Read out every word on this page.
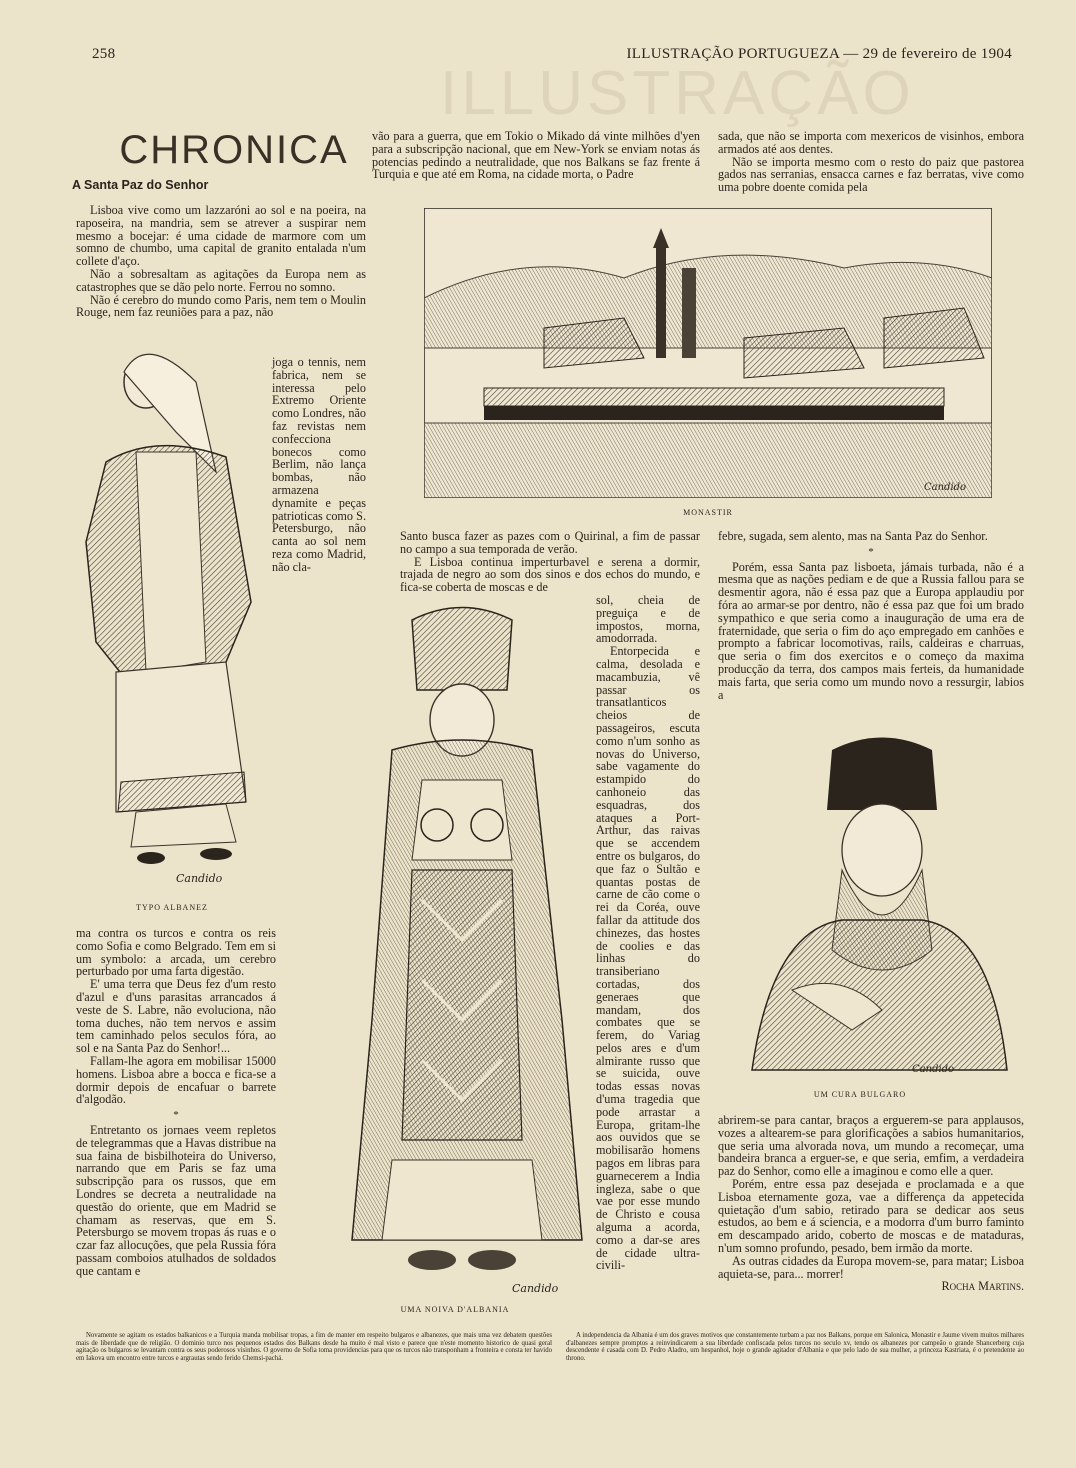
258	ILLUSTRAÇÃO PORTUGUEZA — 29 de fevereiro de 1904
ILLUSTRAÇÃO
CHRONICA
A Santa Paz do Senhor

Lisboa vive como um lazzaróni ao sol e na poeira, na raposeira, na mandria, sem se atrever a suspirar nem mesmo a bocejar: é uma cidade de marmore com um somno de chumbo, uma capital de granito entalada n'um collete d'aço.

Não a sobresaltam as agitações da Europa nem as catastrophes que se dão pelo norte. Ferrou no somno.

Não é cerebro do mundo como Paris, nem tem o Moulin Rouge, nem faz reuniões para a paz, não

joga o tennis, nem fabrica, nem se interessa pelo Extremo Oriente como Londres, não faz revistas nem confecciona bonecos como Berlim, não lança bombas, não armazena dynamite e peças patrioticas como S. Petersburgo, não canta ao sol nem reza como Madrid, não cla-

Candido
TYPO ALBANEZ

ma contra os turcos e contra os reis como Sofia e como Belgrado. Tem em si um symbolo: a arcada, um cerebro perturbado por uma farta digestão.

E' uma terra que Deus fez d'um resto d'azul e d'uns parasitas arrancados á veste de S. Labre, não evoluciona, não toma duches, não tem nervos e assim tem caminhado pelos seculos fóra, ao sol e na Santa Paz do Senhor!...

Fallam-lhe agora em mobilisar 15000 homens. Lisboa abre a bocca e fica-se a dormir depois de encafuar o barrete d'algodão.

*

Entretanto os jornaes veem repletos de telegrammas que a Havas distribue na sua faina de bisbilhoteira do Universo, narrando que em Paris se faz uma subscripção para os russos, que em Londres se decreta a neutralidade na questão do oriente, que em Madrid se chamam as reservas, que em S. Petersburgo se movem tropas ás ruas e o czar faz allocuções, que pela Russia fóra passam comboios atulhados de soldados que cantam e

vão para a guerra, que em Tokio o Mikado dá vinte milhões d'yen para a subscripção nacional, que em New-York se enviam notas ás potencias pedindo a neutralidade, que nos Balkans se faz frente á Turquia e que até em Roma, na cidade morta, o Padre

sada, que não se importa com mexericos de visinhos, embora armados até aos dentes.

Não se importa mesmo com o resto do paiz que pastorea gados nas serranias, ensacca carnes e faz berratas, vive como uma pobre doente comida pela

Candido
MONASTIR

Santo busca fazer as pazes com o Quirinal, a fim de passar no campo a sua temporada de verão.

E Lisboa continua imperturbavel e serena a dormir, trajada de negro ao som dos sinos e dos echos do mundo, e fica-se coberta de moscas e de

sol, cheia de preguiça e de impostos, morna, amodorrada.

Entorpecida e calma, desolada e macambuzia, vê passar os transatlanticos cheios de passageiros, escuta como n'um sonho as novas do Universo, sabe vagamente do estampido do canhoneio das esquadras, dos ataques a Port-Arthur, das raivas que se accendem entre os bulgaros, do que faz o Sultão e quantas postas de carne de cão come o rei da Coréa, ouve fallar da attitude dos chinezes, das hostes de coolies e das linhas do transiberiano cortadas, dos generaes que mandam, dos combates que se ferem, do Variag pelos ares e d'um almirante russo que se suicida, ouve todas essas novas d'uma tragedia que pode arrastar a Europa, gritam-lhe aos ouvidos que se mobilisarão homens pagos em libras para guarnecerem a India ingleza, sabe o que vae por esse mundo de Christo e cousa alguma a acorda, como a dar-se ares de cidade ultra-civili-

Candido
UMA NOIVA D'ALBANIA

febre, sugada, sem alento, mas na Santa Paz do Senhor.

*

Porém, essa Santa paz lisboeta, jámais turbada, não é a mesma que as nações pediam e de que a Russia fallou para se desmentir agora, não é essa paz que a Europa applaudiu por fóra ao armar-se por dentro, não é essa paz que foi um brado sympathico e que seria como a inauguração de uma era de fraternidade, que seria o fim do aço empregado em canhões e prompto a fabricar locomotivas, rails, caldeiras e charruas, que seria o fim dos exercitos e o começo da maxima producção da terra, dos campos mais ferteis, da humanidade mais farta, que seria como um mundo novo a ressurgir, labios a

Candido
UM CURA BULGARO

abrirem-se para cantar, braços a erguerem-se para applausos, vozes a altearem-se para glorificações a sabios humanitarios, que seria uma alvorada nova, um mundo a recomeçar, uma bandeira branca a erguer-se, e que seria, emfim, a verdadeira paz do Senhor, como elle a imaginou e como elle a quer.

Porém, entre essa paz desejada e proclamada e a que Lisboa eternamente goza, vae a differença da appetecida quietação d'um sabio, retirado para se dedicar aos seus estudos, ao bem e á sciencia, e a modorra d'um burro faminto em descampado arido, coberto de moscas e de mataduras, n'um somno profundo, pesado, bem irmão da morte.

As outras cidades da Europa movem-se, para matar; Lisboa aquieta-se, para... morrer!

Rocha Martins.

Novamente se agitam os estados balkanicos e a Turquia manda mobilisar tropas, a fim de manter em respeito bulgaros e albanezes, que mais uma vez debatem questões mais de liberdade que de religião. O dominio turco nos pequenos estados dos Balkans desde ha muito é mal visto e parece que n'este momento historico de quasi geral agitação os bulgaros se levantam contra os seus poderosos visinhos. O governo de Sofia toma providencias para que os turcos não transponham a fronteira e consta ter havido em Iakova um encontro entre turcos e argrautas sendo ferido Chemsi-pachá.

A independencia da Albania é um dos graves motivos que constantemente turbam a paz nos Balkans, porque em Salonica, Monastir e Jaume vivem muitos milhares d'albanezes sempre promptos a reinvindicarem a sua liberdade confiscada pelos turcos no seculo xv, tendo os albanezes por campeão o grande Shancerberg cuja descendente é casada com D. Pedro Aladro, um hespanhol, hoje o grande agitador d'Albania e que pelo lado de sua mulher, a princeza Kastriata, é o pretendente ao throno.
